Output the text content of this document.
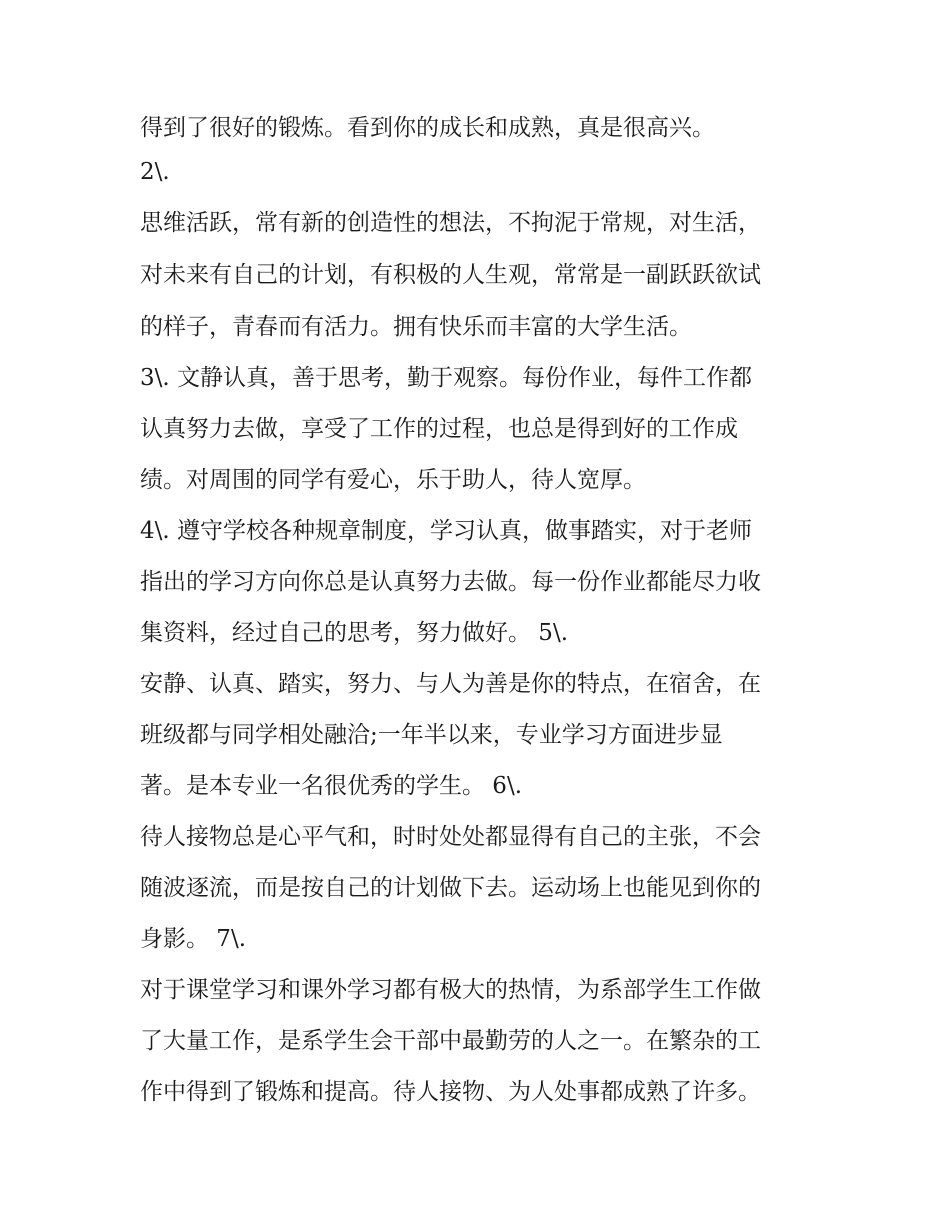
得到了很好的锻炼。看到你的成长和成熟，真是很高兴。
2\.
思维活跃，常有新的创造性的想法，不拘泥于常规，对生活，
对未来有自己的计划，有积极的人生观，常常是一副跃跃欲试
的样子，青春而有活力。拥有快乐而丰富的大学生活。
3\. 文静认真，善于思考，勤于观察。每份作业，每件工作都
认真努力去做，享受了工作的过程，也总是得到好的工作成
绩。对周围的同学有爱心，乐于助人，待人宽厚。
4\. 遵守学校各种规章制度，学习认真，做事踏实，对于老师
指出的学习方向你总是认真努力去做。每一份作业都能尽力收
集资料，经过自己的思考，努力做好。 5\.
安静、认真、踏实，努力、与人为善是你的特点，在宿舍，在
班级都与同学相处融洽;一年半以来，专业学习方面进步显
著。是本专业一名很优秀的学生。 6\.
待人接物总是心平气和，时时处处都显得有自己的主张，不会
随波逐流，而是按自己的计划做下去。运动场上也能见到你的
身影。 7\.
对于课堂学习和课外学习都有极大的热情，为系部学生工作做
了大量工作，是系学生会干部中最勤劳的人之一。在繁杂的工
作中得到了锻炼和提高。待人接物、为人处事都成熟了许多。
